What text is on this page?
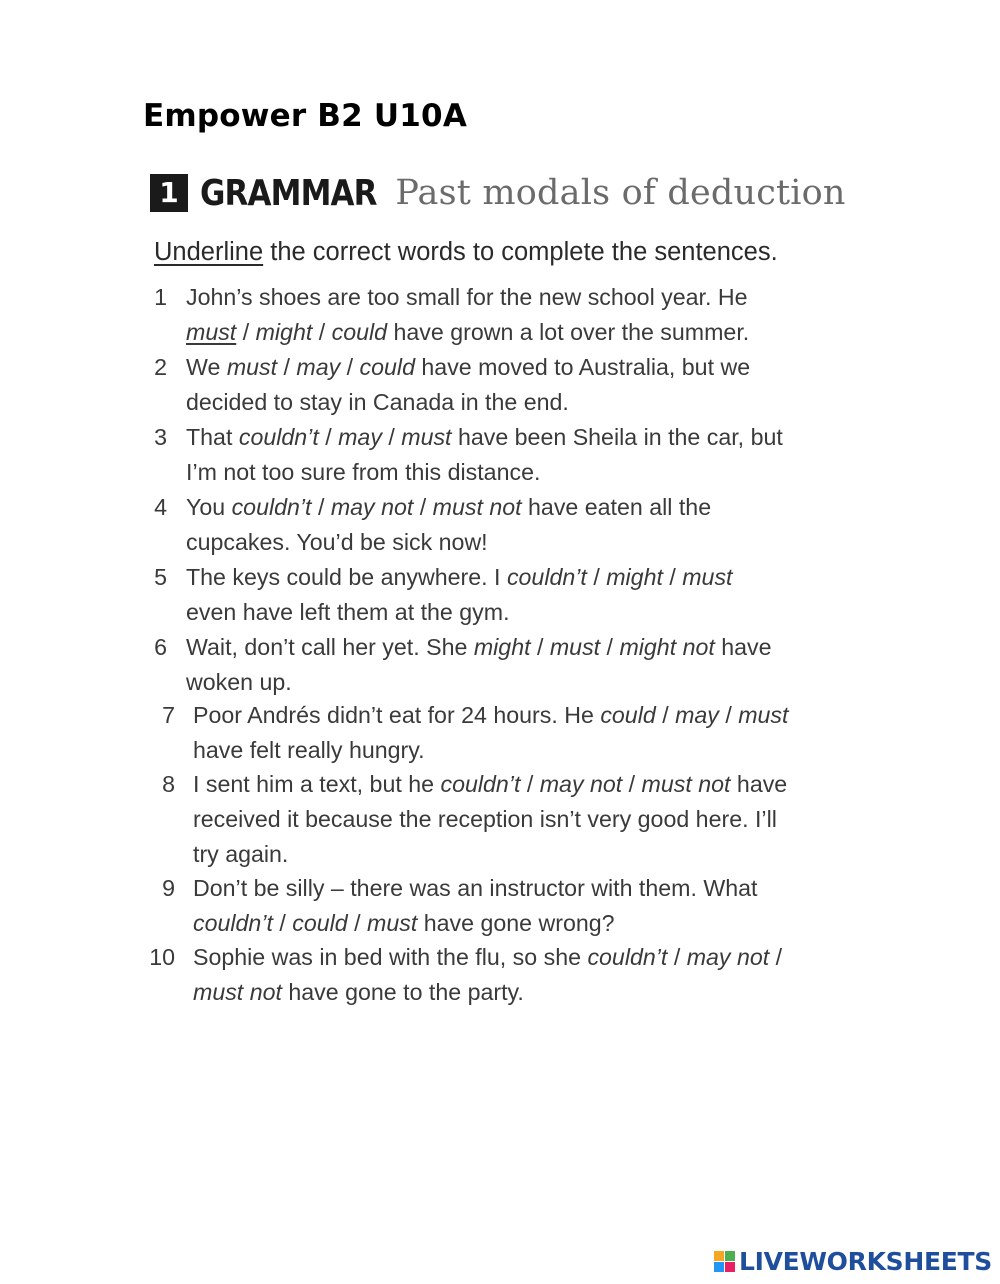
Empower B2 U10A
1 GRAMMAR Past modals of deduction
Underline the correct words to complete the sentences.
1 John’s shoes are too small for the new school year. He
must / might / could have grown a lot over the summer.
2 We must / may / could have moved to Australia, but we
decided to stay in Canada in the end.
3 That couldn’t / may / must have been Sheila in the car, but
I’m not too sure from this distance.
4 You couldn’t / may not / must not have eaten all the
cupcakes. You’d be sick now!
5 The keys could be anywhere. I couldn’t / might / must
even have left them at the gym.
6 Wait, don’t call her yet. She might / must / might not have
woken up.
7 Poor Andrés didn’t eat for 24 hours. He could / may / must
have felt really hungry.
8 I sent him a text, but he couldn’t / may not / must not have
received it because the reception isn’t very good here. I’ll
try again.
9 Don’t be silly – there was an instructor with them. What
couldn’t / could / must have gone wrong?
10 Sophie was in bed with the flu, so she couldn’t / may not /
must not have gone to the party.
LIVEWORKSHEETS
